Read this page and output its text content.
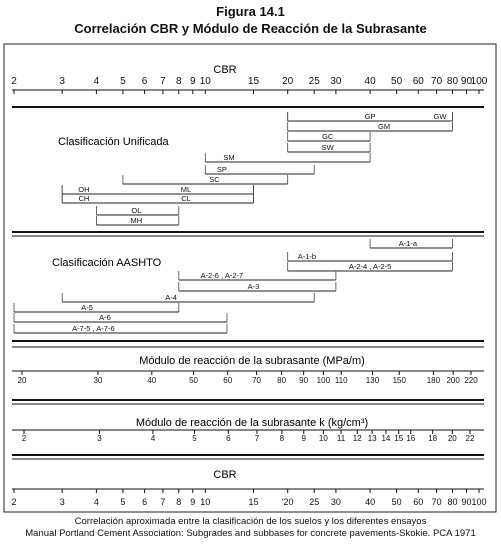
Figura 14.1
Correlación CBR y Módulo de Reacción de la Subrasante
CBR
2	3	4 5 6 7 8 9 10	15 20 25 30 40 50 60 70 80 90
100
Clasificación Unificada
GP	GW
GM
GC
SW
SM
SP
SC
OH	ML
CH	CL
OL
MH
Clasificación AASHTO
A-1-a
A-1-b
A-2-4 , A-2-5
A-2-6 , A-2-7
A-3
A-4
A-5
A-6
A-7-5 , A-7-6
Módulo de reacción de la subrasante (MPa/m)
20	30	40	50	60 70 80 90 100 110 130 150	180 200 220
Módulo de reacción de la subrasante k (kg/cm³)
2	3	4	5	6	7	8 9 10 11 12 13 14 15 16 18 20 22
CBR
2	3	4 5 6 7 8 9 10	15	'20 25 30	40 50 60 70 80 90 100
Correlación aproximada entre la clasificación de los suelos y los diferentes ensayos
Manual Portland Cement Association: Subgrades and subbases for concrete pavements-Skokie. PCA 1971
